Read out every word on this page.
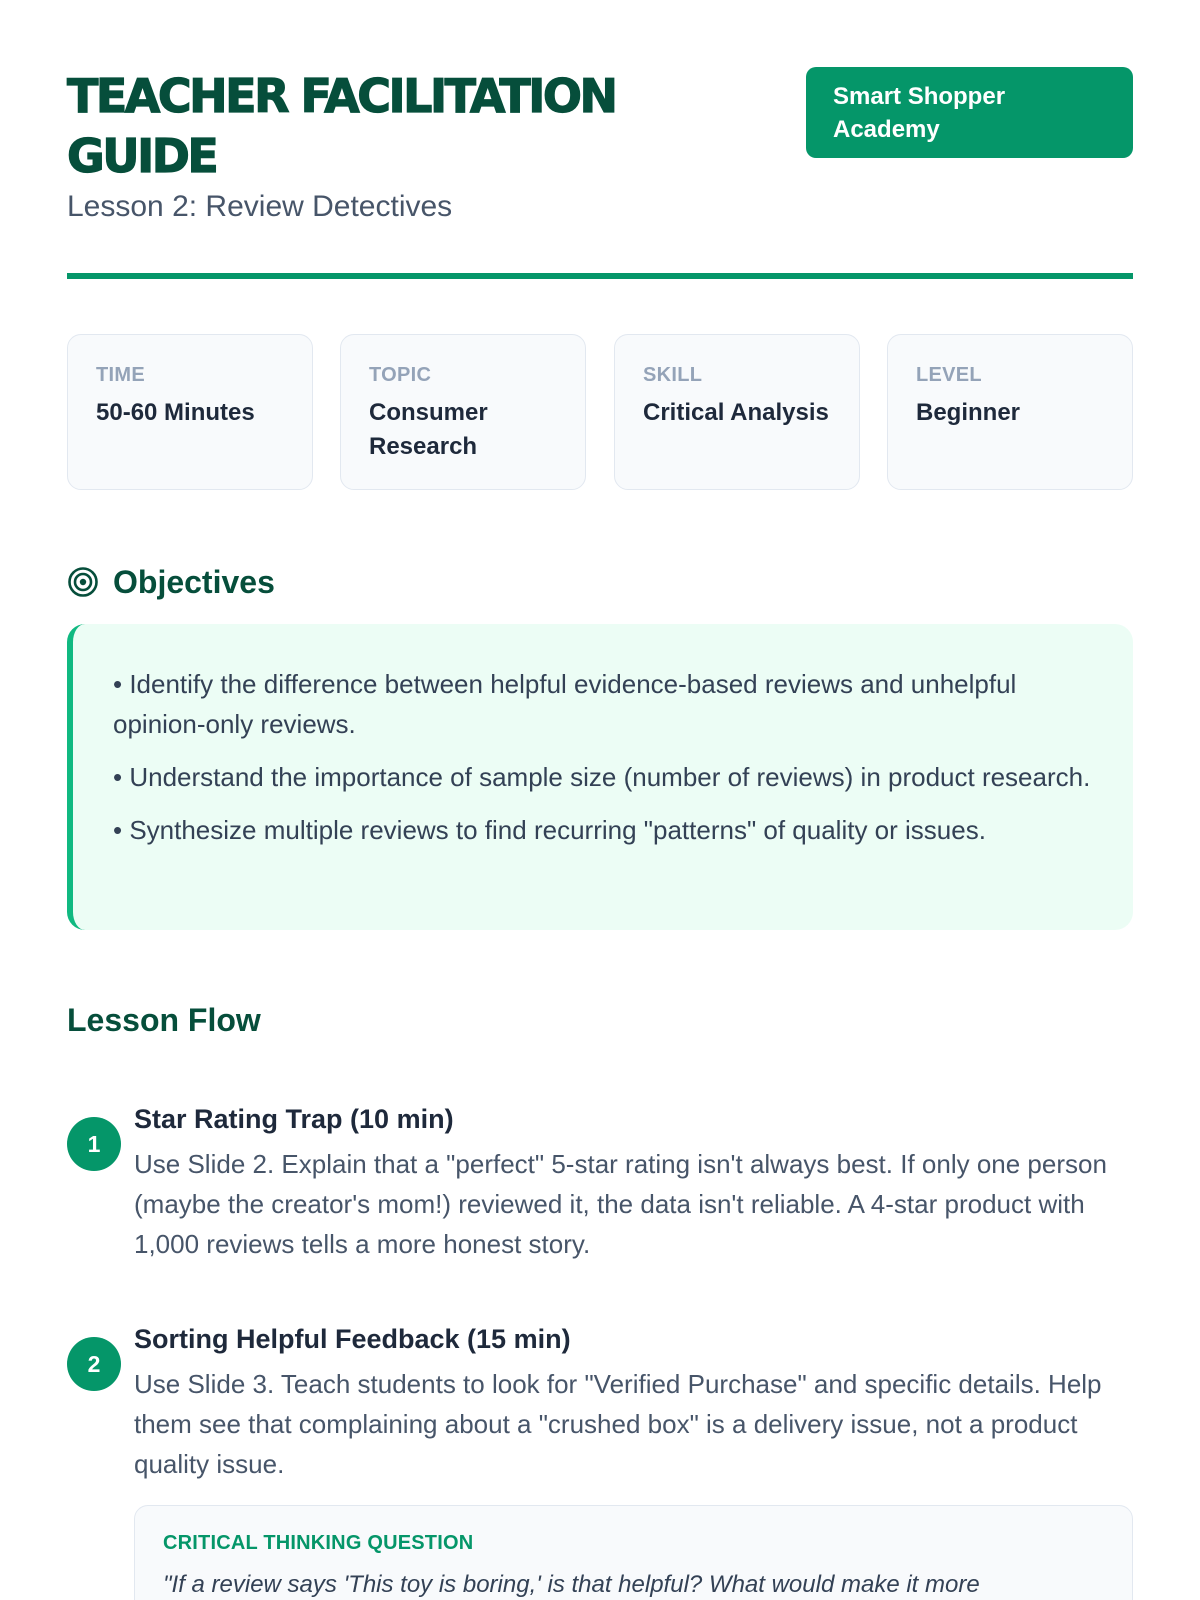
TEACHER FACILITATION GUIDE
Lesson 2: Review Detectives
Smart Shopper Academy
TIME
50-60 Minutes
TOPIC
Consumer Research
SKILL
Critical Analysis
LEVEL
Beginner
Objectives

• Identify the difference between helpful evidence-based reviews and unhelpful opinion-only reviews.

• Understand the importance of sample size (number of reviews) in product research.

• Synthesize multiple reviews to find recurring "patterns" of quality or issues.

Lesson Flow
1
Star Rating Trap (10 min)

Use Slide 2. Explain that a "perfect" 5-star rating isn't always best. If only one person (maybe the creator's mom!) reviewed it, the data isn't reliable. A 4-star product with 1,000 reviews tells a more honest story.

2
Sorting Helpful Feedback (15 min)

Use Slide 3. Teach students to look for "Verified Purchase" and specific details. Help them see that complaining about a "crushed box" is a delivery issue, not a product quality issue.

CRITICAL THINKING QUESTION
"If a review says 'This toy is boring,' is that helpful? What would make it more
